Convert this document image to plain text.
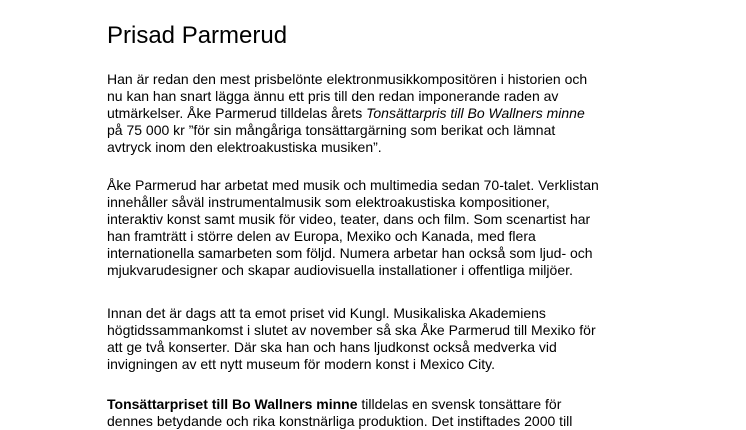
Prisad Parmerud

Han är redan den mest prisbelönte elektronmusikkompositören i historien och
nu kan han snart lägga ännu ett pris till den redan imponerande raden av
utmärkelser. Åke Parmerud tilldelas årets Tonsättarpris till Bo Wallners minne
på 75 000 kr ”för sin mångåriga tonsättargärning som berikat och lämnat
avtryck inom den elektroakustiska musiken”.

Åke Parmerud har arbetat med musik och multimedia sedan 70-talet. Verklistan
innehåller såväl instrumentalmusik som elektroakustiska kompositioner,
interaktiv konst samt musik för video, teater, dans och film. Som scenartist har
han framträtt i större delen av Europa, Mexiko och Kanada, med flera
internationella samarbeten som följd. Numera arbetar han också som ljud- och
mjukvarudesigner och skapar audiovisuella installationer i offentliga miljöer.

Innan det är dags att ta emot priset vid Kungl. Musikaliska Akademiens
högtidssammankomst i slutet av november så ska Åke Parmerud till Mexiko för
att ge två konserter. Där ska han och hans ljudkonst också medverka vid
invigningen av ett nytt museum för modern konst i Mexico City.

Tonsättarpriset till Bo Wallners minne tilldelas en svensk tonsättare för
dennes betydande och rika konstnärliga produktion. Det instiftades 2000 till
